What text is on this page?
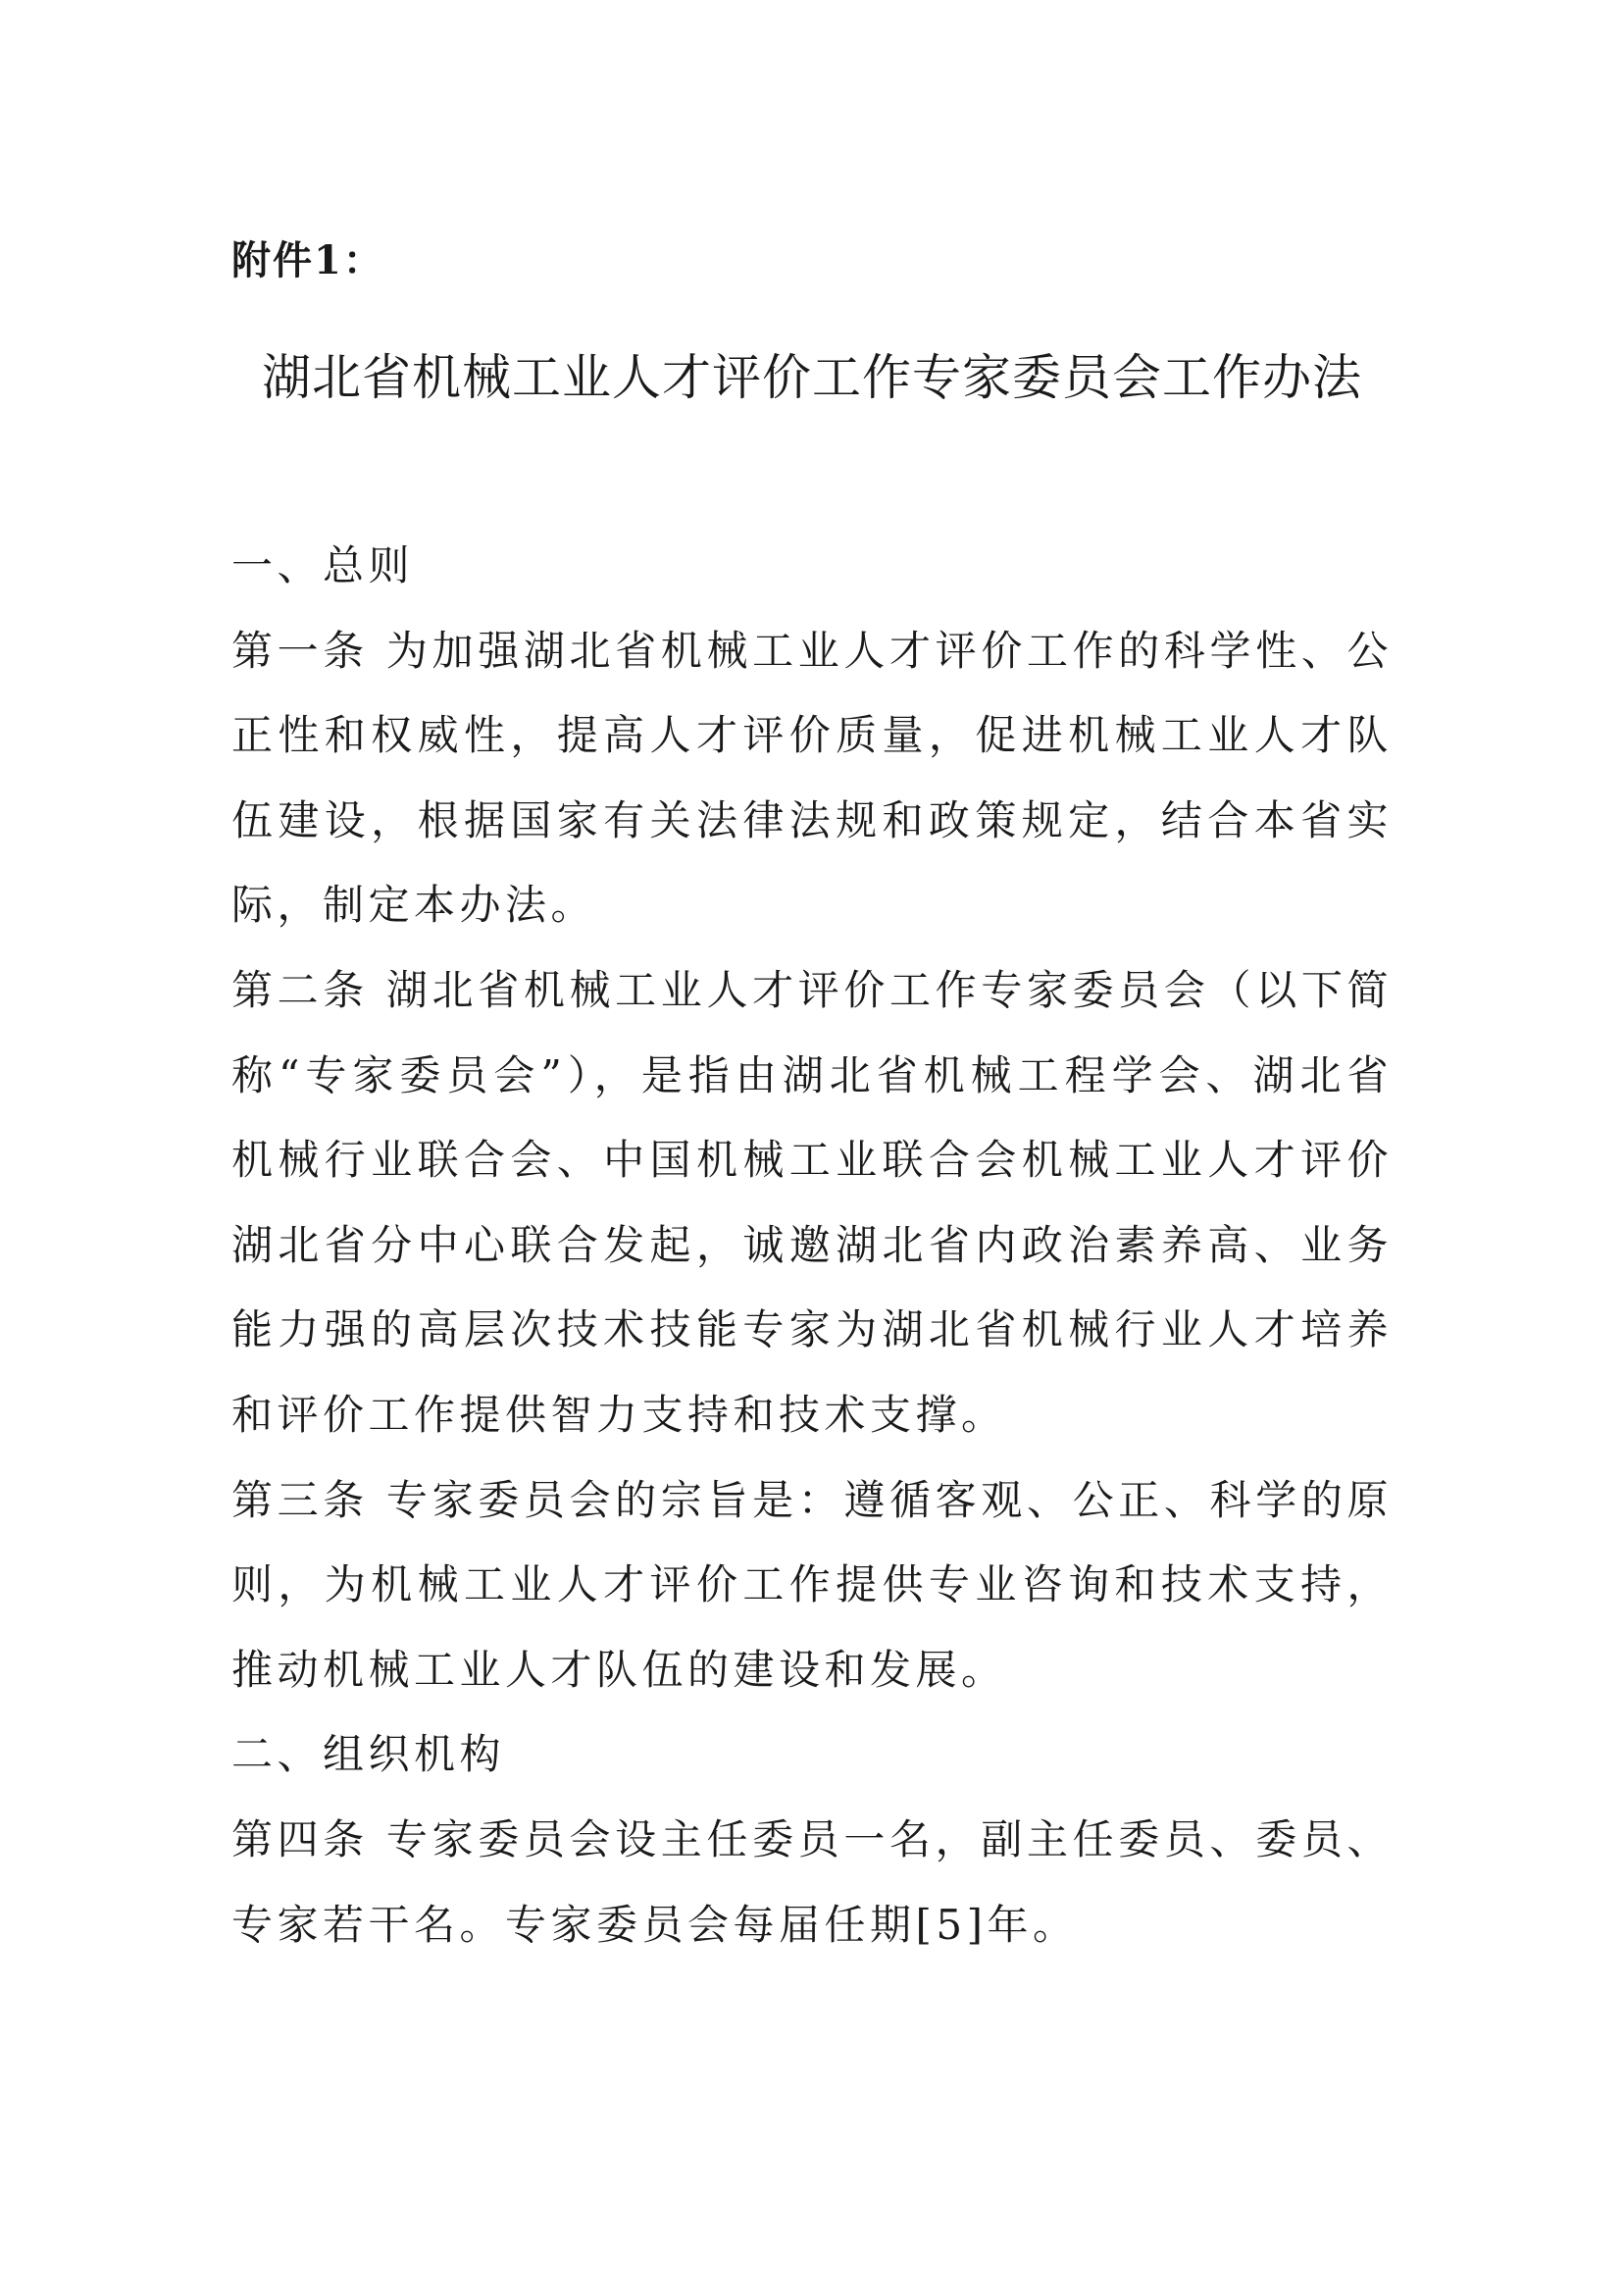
附件1：
湖北省机械工业人才评价工作专家委员会工作办法

一、总则

第一条 为加强湖北省机械工业人才评价工作的科学性、公正性和权威性，提高人才评价质量，促进机械工业人才队伍建设，根据国家有关法律法规和政策规定，结合本省实际，制定本办法。

第二条 湖北省机械工业人才评价工作专家委员会（以下简称“专家委员会”），是指由湖北省机械工程学会、湖北省机械行业联合会、中国机械工业联合会机械工业人才评价湖北省分中心联合发起，诚邀湖北省内政治素养高、业务能力强的高层次技术技能专家为湖北省机械行业人才培养和评价工作提供智力支持和技术支撑。

第三条 专家委员会的宗旨是：遵循客观、公正、科学的原则，为机械工业人才评价工作提供专业咨询和技术支持，推动机械工业人才队伍的建设和发展。

二、组织机构

第四条 专家委员会设主任委员一名，副主任委员、委员、专家若干名。专家委员会每届任期[5]年。
